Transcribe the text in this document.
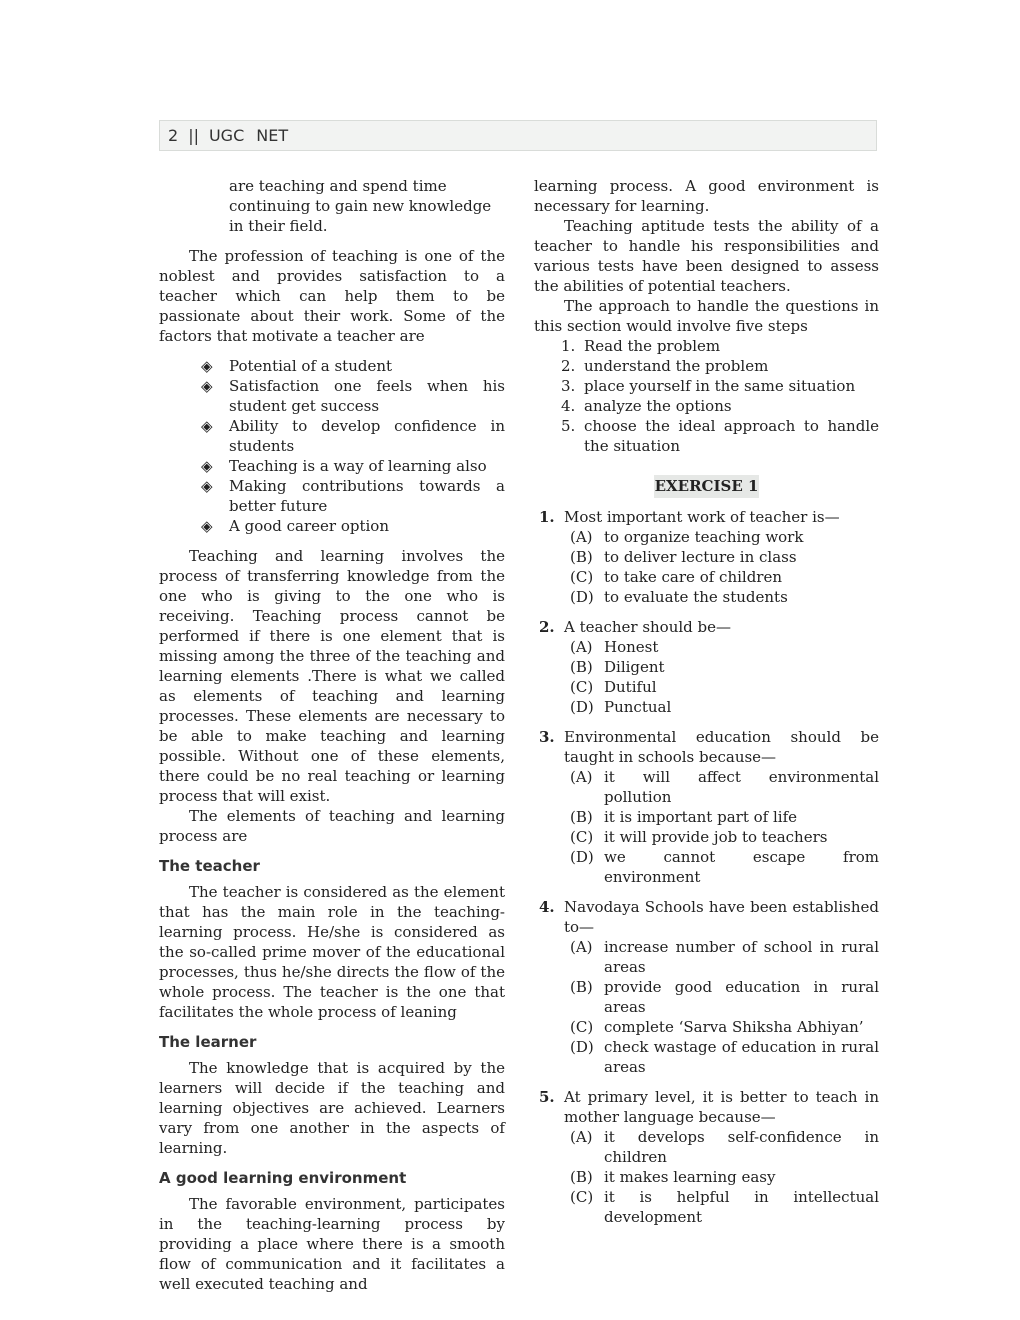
2 || UGC NET

are teaching and spend time continuing to gain new knowledge in their field.

The profession of teaching is one of the noblest and provides satisfaction to a teacher which can help them to be passionate about their work. Some of the factors that motivate a teacher are

◈ Potential of a student
◈ Satisfaction one feels when his student get success
◈ Ability to develop confidence in students
◈ Teaching is a way of learning also
◈ Making contributions towards a better future
◈ A good career option

Teaching and learning involves the process of transferring knowledge from the one who is giving to the one who is receiving. Teaching process cannot be performed if there is one element that is missing among the three of the teaching and learning elements .There is what we called as elements of teaching and learning processes. These elements are necessary to be able to make teaching and learning possible. Without one of these elements, there could be no real teaching or learning process that will exist.

The elements of teaching and learning process are

The teacher

The teacher is considered as the element that has the main role in the teaching-learning process. He/she is considered as the so-called prime mover of the educational processes, thus he/she directs the flow of the whole process. The teacher is the one that facilitates the whole process of leaning

The learner

The knowledge that is acquired by the learners will decide if the teaching and learning objectives are achieved. Learners vary from one another in the aspects of learning.

A good learning environment

The favorable environment, participates in the teaching-learning process by providing a place where there is a smooth flow of communication and it facilitates a well executed teaching and

learning process. A good environment is necessary for learning.

Teaching aptitude tests the ability of a teacher to handle his responsibilities and various tests have been designed to assess the abilities of potential teachers.

The approach to handle the questions in this section would involve five steps

1. Read the problem
2. understand the problem
3. place yourself in the same situation
4. analyze the options
5. choose the ideal approach to handle the situation
EXERCISE 1
1. Most important work of teacher is—
(A) to organize teaching work
(B) to deliver lecture in class
(C) to take care of children
(D) to evaluate the students
2. A teacher should be—
(A) Honest
(B) Diligent
(C) Dutiful
(D) Punctual
3. Environmental education should be taught in schools because—
(A) it will affect environmental pollution
(B) it is important part of life
(C) it will provide job to teachers
(D) we cannot escape from environment
4. Navodaya Schools have been established to—
(A) increase number of school in rural areas
(B) provide good education in rural areas
(C) complete ‘Sarva Shiksha Abhiyan’
(D) check wastage of education in rural areas
5. At primary level, it is better to teach in mother language because—
(A) it develops self-confidence in children
(B) it makes learning easy
(C) it is helpful in intellectual development
